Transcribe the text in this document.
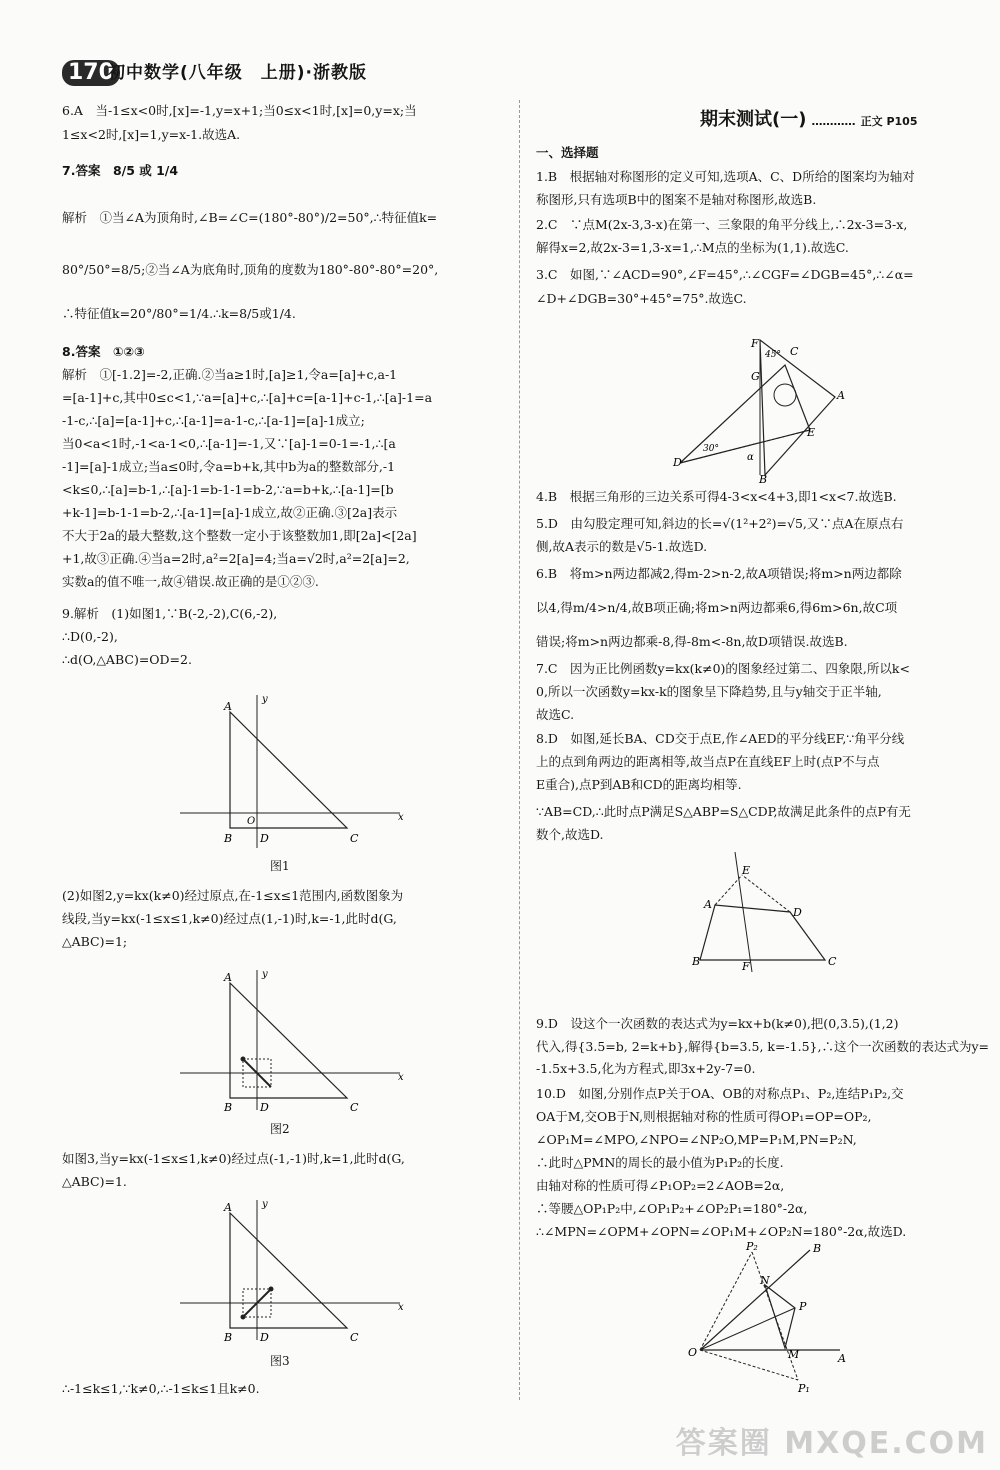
170
初中数学(八年级　上册)·浙教版
6.A　当-1≤x<0时,[x]=-1,y=x+1;当0≤x<1时,[x]=0,y=x;当
1≤x<2时,[x]=1,y=x-1.故选A.
7.答案　8/5 或 1/4
解析　①当∠A为顶角时,∠B=∠C=(180°-80°)/2=50°,∴特征值k=
80°/50°=8/5;②当∠A为底角时,顶角的度数为180°-80°-80°=20°,
∴特征值k=20°/80°=1/4.∴k=8/5或1/4.
8.答案　①②③
解析　①[-1.2]=-2,正确.②当a≥1时,[a]≥1,令a=[a]+c,a-1
=[a-1]+c,其中0≤c<1,∵a=[a]+c,∴[a]+c=[a-1]+c-1,∴[a]-1=a
-1-c,∴[a]=[a-1]+c,∴[a-1]=a-1-c,∴[a-1]=[a]-1成立;
当0<a<1时,-1<a-1<0,∴[a-1]=-1,又∵[a]-1=0-1=-1,∴[a
-1]=[a]-1成立;当a≤0时,令a=b+k,其中b为a的整数部分,-1
<k≤0,∴[a]=b-1,∴[a]-1=b-1-1=b-2,∵a=b+k,∴[a-1]=[b
+k-1]=b-1-1=b-2,∴[a-1]=[a]-1成立,故②正确.③[2a]表示
不大于2a的最大整数,这个整数一定小于该整数加1,即[2a]<[2a]
+1,故③正确.④当a=2时,a²=2[a]=4;当a=√2时,a²=2[a]=2,
实数a的值不唯一,故④错误.故正确的是①②③.
9.解析　(1)如图1,∵B(-2,-2),C(6,-2),
∴D(0,-2),
∴d(O,△ABC)=OD=2.
A
B	C
D
y
x
O
图1
(2)如图2,y=kx(k≠0)经过原点,在-1≤x≤1范围内,函数图象为
线段,当y=kx(-1≤x≤1,k≠0)经过点(1,-1)时,k=-1,此时d(G,
△ABC)=1;
A
B	C
D
y
x
图2
如图3,当y=kx(-1≤x≤1,k≠0)经过点(-1,-1)时,k=1,此时d(G,
△ABC)=1.
A
B	C
D
y
x
图3
∴-1≤k≤1,∵k≠0,∴-1≤k≤1且k≠0.
期末测试(一) ………… 正文 P105
一、选择题
1.B　根据轴对称图形的定义可知,选项A、C、D所给的图案均为轴对
称图形,只有选项B中的图案不是轴对称图形,故选B.
2.C　∵点M(2x-3,3-x)在第一、三象限的角平分线上,∴2x-3=3-x,
解得x=2,故2x-3=1,3-x=1,∴M点的坐标为(1,1).故选C.
3.C　如图,∵∠ACD=90°,∠F=45°,∴∠CGF=∠DGB=45°,∴∠α=
∠D+∠DGB=30°+45°=75°.故选C.
F
C
G
A
E
D
B
45°
30°
α
4.B　根据三角形的三边关系可得4-3<x<4+3,即1<x<7.故选B.
5.D　由勾股定理可知,斜边的长=√(1²+2²)=√5,又∵点A在原点右
侧,故A表示的数是√5-1.故选D.
6.B　将m>n两边都减2,得m-2>n-2,故A项错误;将m>n两边都除
以4,得m/4>n/4,故B项正确;将m>n两边都乘6,得6m>6n,故C项
错误;将m>n两边都乘-8,得-8m<-8n,故D项错误.故选B.
7.C　因为正比例函数y=kx(k≠0)的图象经过第二、四象限,所以k<
0,所以一次函数y=kx-k的图象呈下降趋势,且与y轴交于正半轴,
故选C.
8.D　如图,延长BA、CD交于点E,作∠AED的平分线EF,∵角平分线
上的点到角两边的距离相等,故当点P在直线EF上时(点P不与点
E重合),点P到AB和CD的距离均相等.
∵AB=CD,∴此时点P满足S△ABP=S△CDP,故满足此条件的点P有无
数个,故选D.
E
A
D
B	C
F
9.D　设这个一次函数的表达式为y=kx+b(k≠0),把(0,3.5),(1,2)
代入,得{3.5=b, 2=k+b},解得{b=3.5, k=-1.5},∴这个一次函数的表达式为y=
-1.5x+3.5,化为方程式,即3x+2y-7=0.
10.D　如图,分别作点P关于OA、OB的对称点P₁、P₂,连结P₁P₂,交
OA于M,交OB于N,则根据轴对称的性质可得OP₁=OP=OP₂,
∠OP₁M=∠MPO,∠NPO=∠NP₂O,MP=P₁M,PN=P₂N,
∴此时△PMN的周长的最小值为P₁P₂的长度.
由轴对称的性质可得∠P₁OP₂=2∠AOB=2α,
∴等腰△OP₁P₂中,∠OP₁P₂+∠OP₂P₁=180°-2α,
∴∠MPN=∠OPM+∠OPN=∠OP₁M+∠OP₂N=180°-2α,故选D.
P₂	B
N
P
O	M	A
P₁
答案圈 MXQE.COM
